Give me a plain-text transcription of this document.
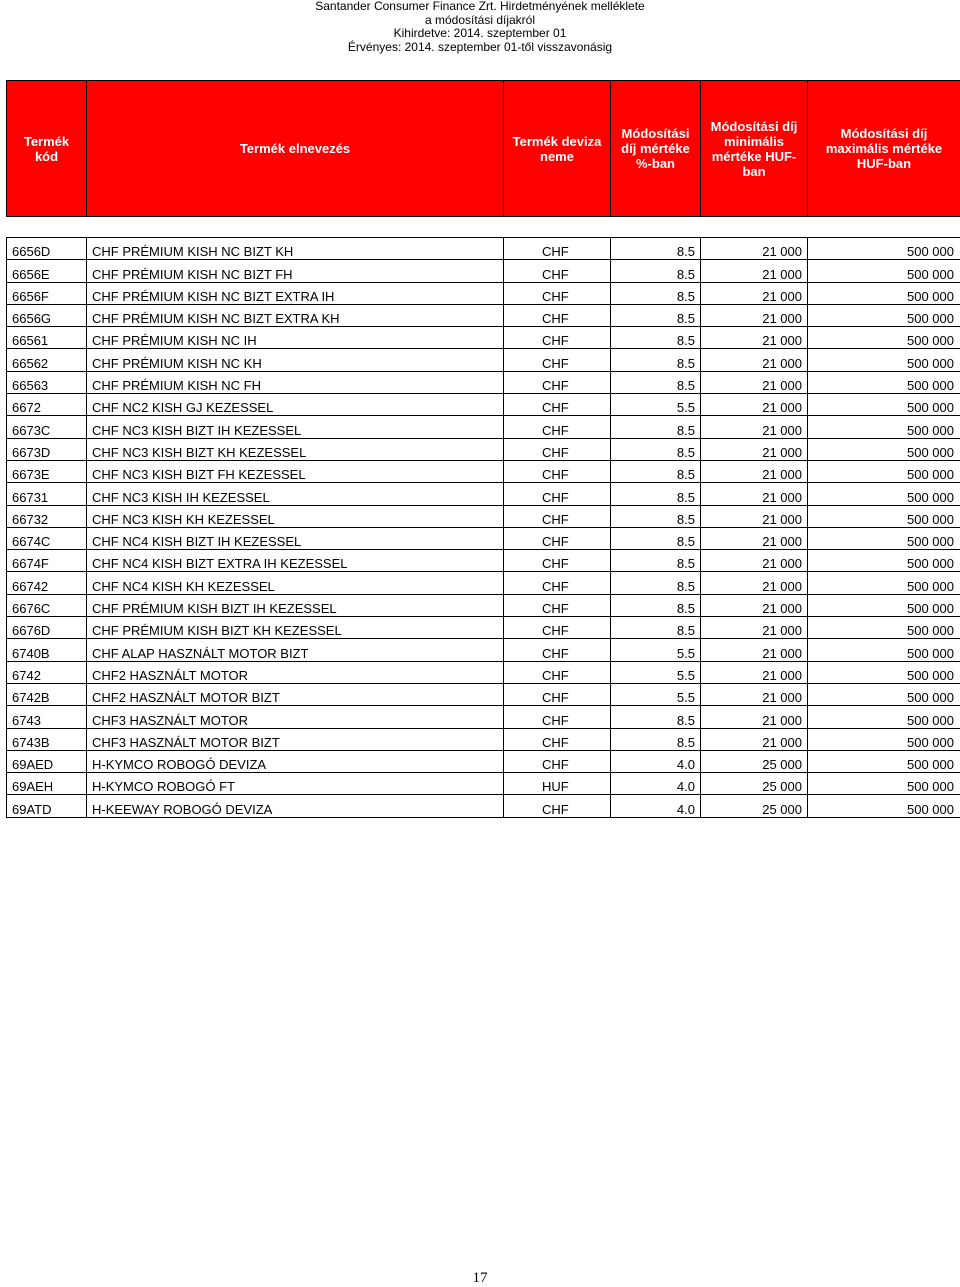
Santander Consumer Finance Zrt. Hirdetményének melléklete
a módosítási díjakról
Kihirdetve: 2014. szeptember 01
Érvényes: 2014. szeptember 01-től visszavonásig
Termék kód	Termék elnevezés	Termék deviza neme	Módosítási díj mértéke %-ban	Módosítási díj minimális mértéke HUF-ban	Módosítási díj maximális mértéke HUF-ban
6656D	CHF PRÉMIUM KISH NC BIZT KH	CHF	8.5	21 000	500 000
6656E	CHF PRÉMIUM KISH NC BIZT FH	CHF	8.5	21 000	500 000
6656F	CHF PRÉMIUM KISH NC BIZT EXTRA IH	CHF	8.5	21 000	500 000
6656G	CHF PRÉMIUM KISH NC BIZT EXTRA KH	CHF	8.5	21 000	500 000
66561	CHF PRÉMIUM KISH NC IH	CHF	8.5	21 000	500 000
66562	CHF PRÉMIUM KISH NC KH	CHF	8.5	21 000	500 000
66563	CHF PRÉMIUM KISH NC FH	CHF	8.5	21 000	500 000
6672	CHF NC2 KISH GJ KEZESSEL	CHF	5.5	21 000	500 000
6673C	CHF NC3 KISH BIZT IH KEZESSEL	CHF	8.5	21 000	500 000
6673D	CHF NC3 KISH BIZT KH KEZESSEL	CHF	8.5	21 000	500 000
6673E	CHF NC3 KISH BIZT FH KEZESSEL	CHF	8.5	21 000	500 000
66731	CHF NC3 KISH IH KEZESSEL	CHF	8.5	21 000	500 000
66732	CHF NC3 KISH KH KEZESSEL	CHF	8.5	21 000	500 000
6674C	CHF NC4 KISH BIZT IH KEZESSEL	CHF	8.5	21 000	500 000
6674F	CHF NC4 KISH BIZT EXTRA IH KEZESSEL	CHF	8.5	21 000	500 000
66742	CHF NC4 KISH KH KEZESSEL	CHF	8.5	21 000	500 000
6676C	CHF PRÉMIUM KISH BIZT IH KEZESSEL	CHF	8.5	21 000	500 000
6676D	CHF PRÉMIUM KISH BIZT KH KEZESSEL	CHF	8.5	21 000	500 000
6740B	CHF ALAP HASZNÁLT MOTOR BIZT	CHF	5.5	21 000	500 000
6742	CHF2 HASZNÁLT MOTOR	CHF	5.5	21 000	500 000
6742B	CHF2 HASZNÁLT MOTOR BIZT	CHF	5.5	21 000	500 000
6743	CHF3 HASZNÁLT MOTOR	CHF	8.5	21 000	500 000
6743B	CHF3 HASZNÁLT MOTOR BIZT	CHF	8.5	21 000	500 000
69AED	H-KYMCO ROBOGÓ DEVIZA	CHF	4.0	25 000	500 000
69AEH	H-KYMCO ROBOGÓ FT	HUF	4.0	25 000	500 000
69ATD	H-KEEWAY ROBOGÓ DEVIZA	CHF	4.0	25 000	500 000
17
